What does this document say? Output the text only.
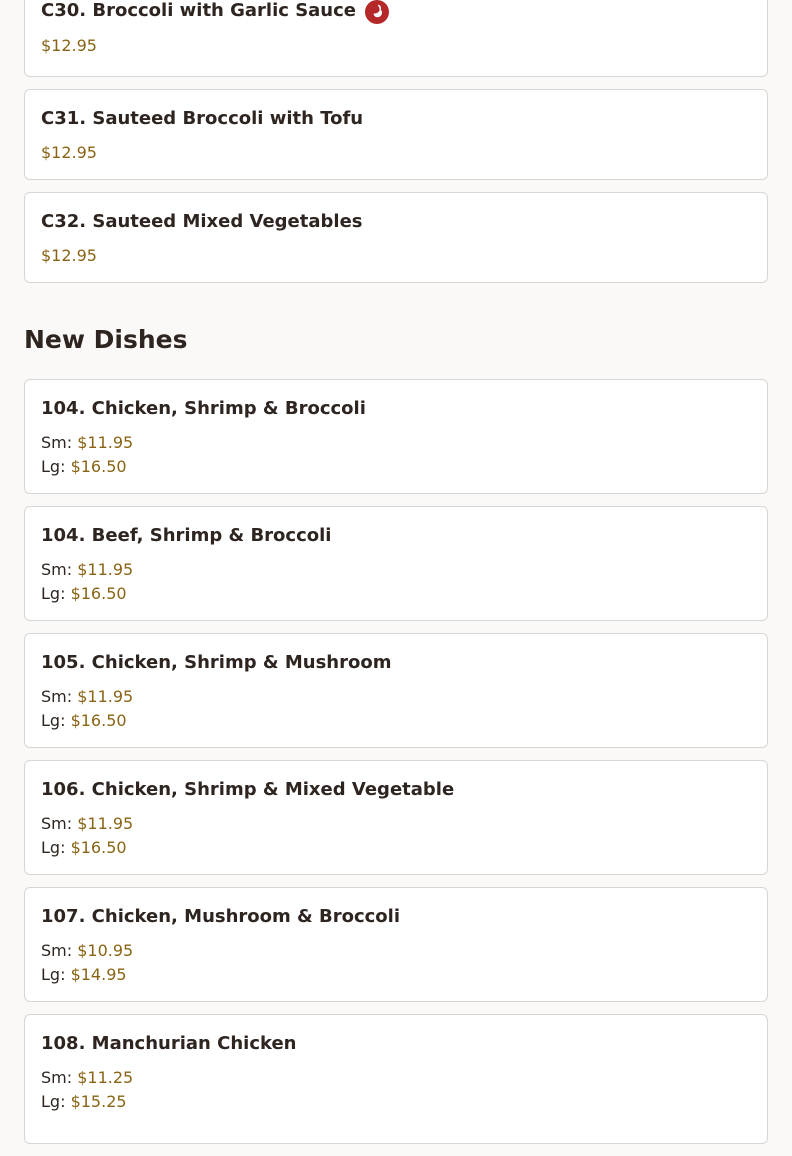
C30. Broccoli with Garlic Sauce
$12.95
C31. Sauteed Broccoli with Tofu
$12.95
C32. Sauteed Mixed Vegetables
$12.95
New Dishes
104. Chicken, Shrimp & Broccoli
Sm: $11.95
Lg: $16.50
104. Beef, Shrimp & Broccoli
Sm: $11.95
Lg: $16.50
105. Chicken, Shrimp & Mushroom
Sm: $11.95
Lg: $16.50
106. Chicken, Shrimp & Mixed Vegetable
Sm: $11.95
Lg: $16.50
107. Chicken, Mushroom & Broccoli
Sm: $10.95
Lg: $14.95
108. Manchurian Chicken
Sm: $11.25
Lg: $15.25
